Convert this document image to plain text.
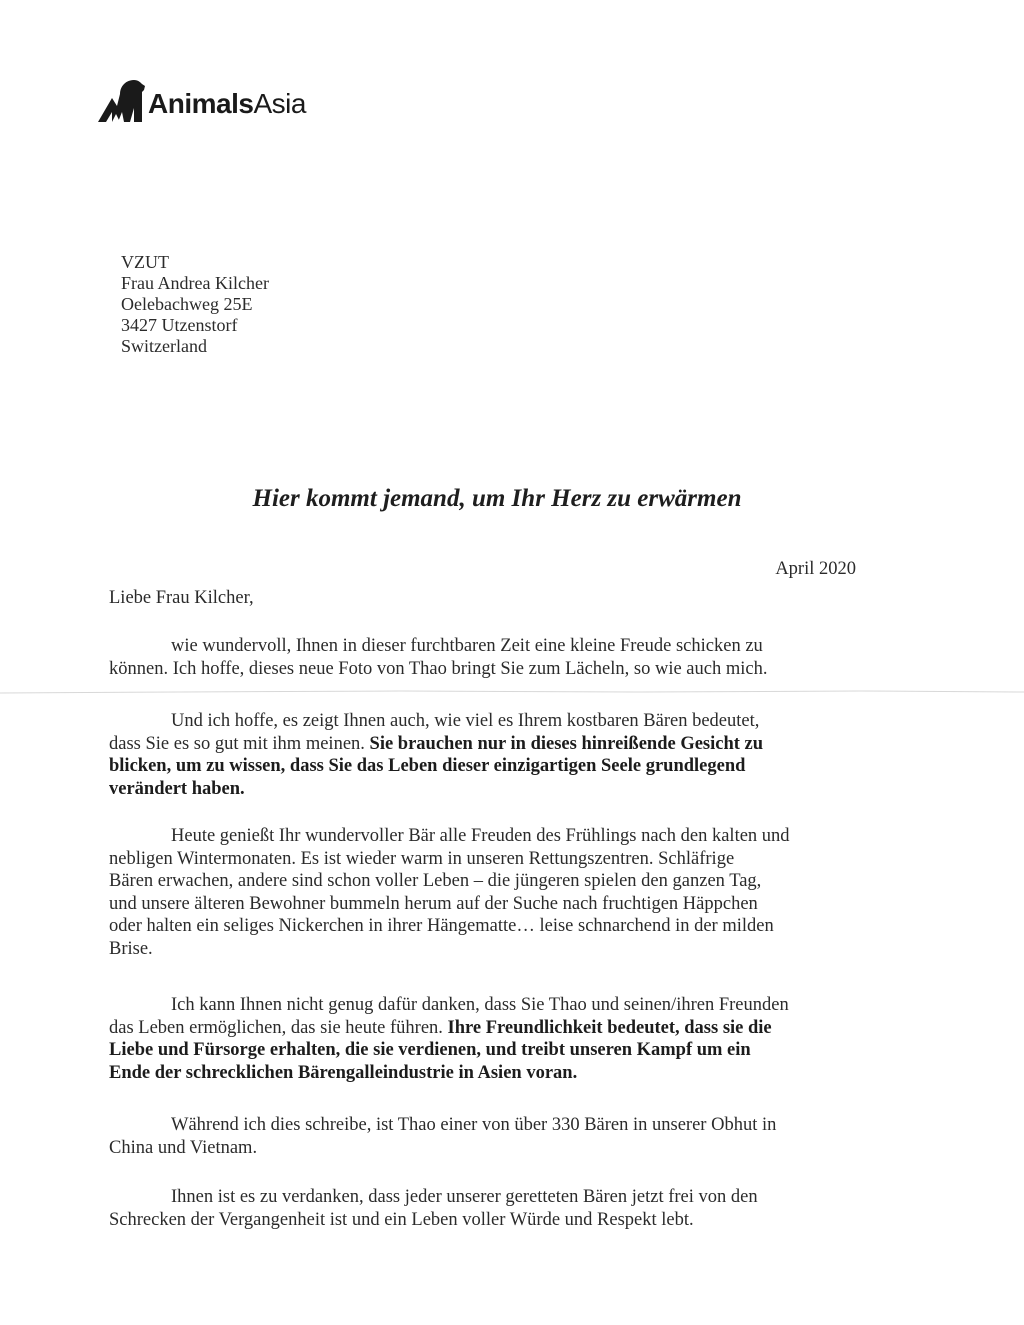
AnimalsAsia
VZUT
Frau Andrea Kilcher
Oelebachweg 25E
3427 Utzenstorf
Switzerland
Hier kommt jemand, um Ihr Herz zu erwärmen
April 2020
Liebe Frau Kilcher,
wie wundervoll, Ihnen in dieser furchtbaren Zeit eine kleine Freude schicken zu
können. Ich hoffe, dieses neue Foto von Thao bringt Sie zum Lächeln, so wie auch mich.
Und ich hoffe, es zeigt Ihnen auch, wie viel es Ihrem kostbaren Bären bedeutet,
dass Sie es so gut mit ihm meinen. Sie brauchen nur in dieses hinreißende Gesicht zu
blicken, um zu wissen, dass Sie das Leben dieser einzigartigen Seele grundlegend
verändert haben.
Heute genießt Ihr wundervoller Bär alle Freuden des Frühlings nach den kalten und
nebligen Wintermonaten. Es ist wieder warm in unseren Rettungszentren. Schläfrige
Bären erwachen, andere sind schon voller Leben – die jüngeren spielen den ganzen Tag,
und unsere älteren Bewohner bummeln herum auf der Suche nach fruchtigen Häppchen
oder halten ein seliges Nickerchen in ihrer Hängematte… leise schnarchend in der milden
Brise.
Ich kann Ihnen nicht genug dafür danken, dass Sie Thao und seinen/ihren Freunden
das Leben ermöglichen, das sie heute führen. Ihre Freundlichkeit bedeutet, dass sie die
Liebe und Fürsorge erhalten, die sie verdienen, und treibt unseren Kampf um ein
Ende der schrecklichen Bärengalleindustrie in Asien voran.
Während ich dies schreibe, ist Thao einer von über 330 Bären in unserer Obhut in
China und Vietnam.
Ihnen ist es zu verdanken, dass jeder unserer geretteten Bären jetzt frei von den
Schrecken der Vergangenheit ist und ein Leben voller Würde und Respekt lebt.
